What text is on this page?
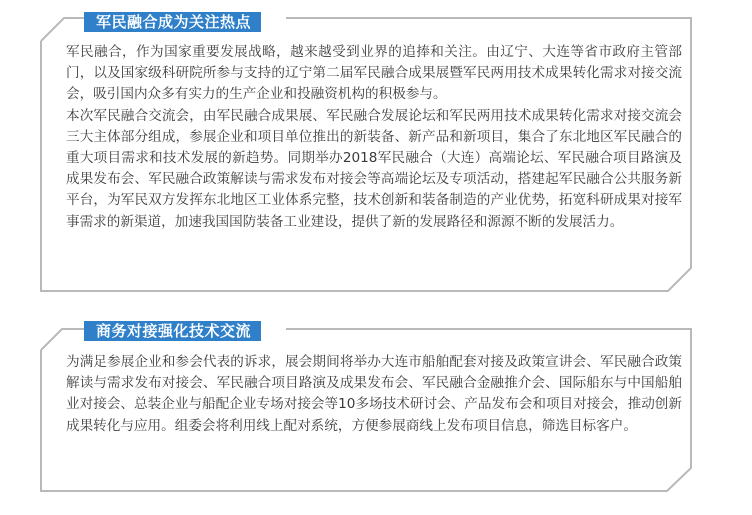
军民融合成为关注热点

军民融合，作为国家重要发展战略，越来越受到业界的追捧和关注。由辽宁、大连等省市政府主管部门，以及国家级科研院所参与支持的辽宁第二届军民融合成果展暨军民两用技术成果转化需求对接交流会，吸引国内众多有实力的生产企业和投融资机构的积极参与。

本次军民融合交流会，由军民融合成果展、军民融合发展论坛和军民两用技术成果转化需求对接交流会三大主体部分组成，参展企业和项目单位推出的新装备、新产品和新项目，集合了东北地区军民融合的重大项目需求和技术发展的新趋势。同期举办2018军民融合（大连）高端论坛、军民融合项目路演及成果发布会、军民融合政策解读与需求发布对接会等高端论坛及专项活动，搭建起军民融合公共服务新平台，为军民双方发挥东北地区工业体系完整，技术创新和装备制造的产业优势，拓宽科研成果对接军事需求的新渠道，加速我国国防装备工业建设，提供了新的发展路径和源源不断的发展活力。

商务对接强化技术交流

为满足参展企业和参会代表的诉求，展会期间将举办大连市船舶配套对接及政策宣讲会、军民融合政策解读与需求发布对接会、军民融合项目路演及成果发布会、军民融合金融推介会、国际船东与中国船舶业对接会、总装企业与船配企业专场对接会等10多场技术研讨会、产品发布会和项目对接会，推动创新成果转化与应用。组委会将利用线上配对系统，方便参展商线上发布项目信息，筛选目标客户。
